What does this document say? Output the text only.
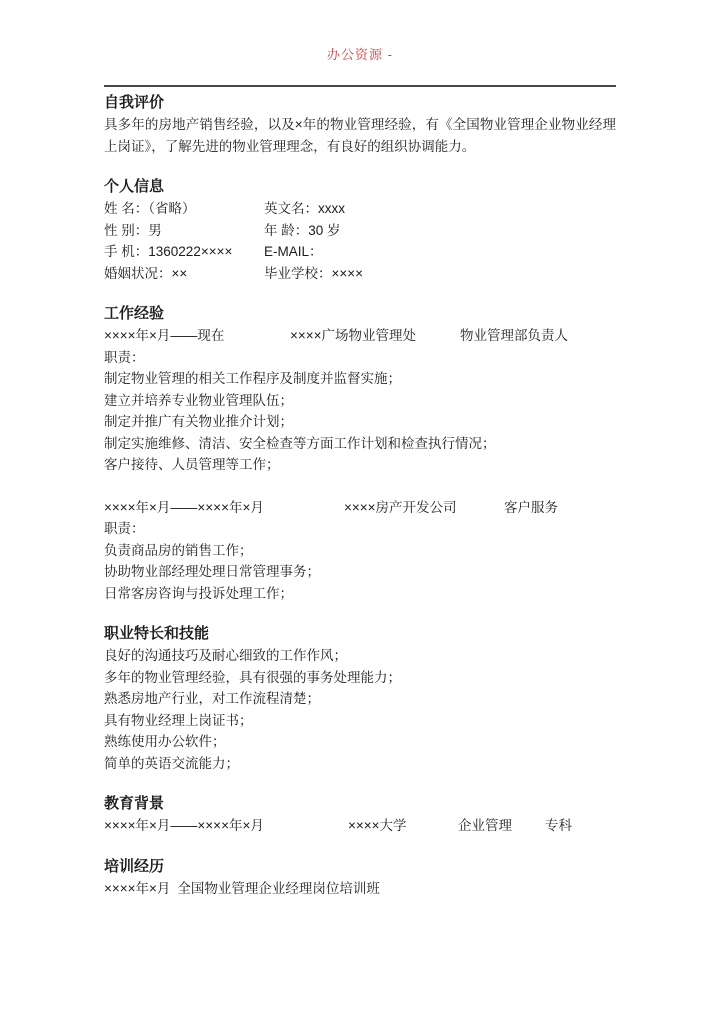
办公资源 -
自我评价

具多年的房地产销售经验，以及×年的物业管理经验，有《全国物业管理企业物业经理上岗证》，了解先进的物业管理理念，有良好的组织协调能力。

个人信息
姓 名：（省略）	英文名：xxxx
性 别：男	年 龄：30 岁
手 机：1360222××××	E-MAIL：
婚姻状况：××	毕业学校：××××
工作经验
××××年×月——现在	××××广场物业管理处	物业管理部负责人
职责：
制定物业管理的相关工作程序及制度并监督实施；
建立并培养专业物业管理队伍；
制定并推广有关物业推介计划；
制定实施维修、清洁、安全检查等方面工作计划和检查执行情况；
客户接待、人员管理等工作；
××××年×月——××××年×月	××××房产开发公司	客户服务
职责：
负责商品房的销售工作；
协助物业部经理处理日常管理事务；
日常客房咨询与投诉处理工作；
职业特长和技能
良好的沟通技巧及耐心细致的工作作风；
多年的物业管理经验，具有很强的事务处理能力；
熟悉房地产行业，对工作流程清楚；
具有物业经理上岗证书；
熟练使用办公软件；
简单的英语交流能力；
教育背景
××××年×月——××××年×月	××××大学	企业管理	专科
培训经历
××××年×月 全国物业管理企业经理岗位培训班
